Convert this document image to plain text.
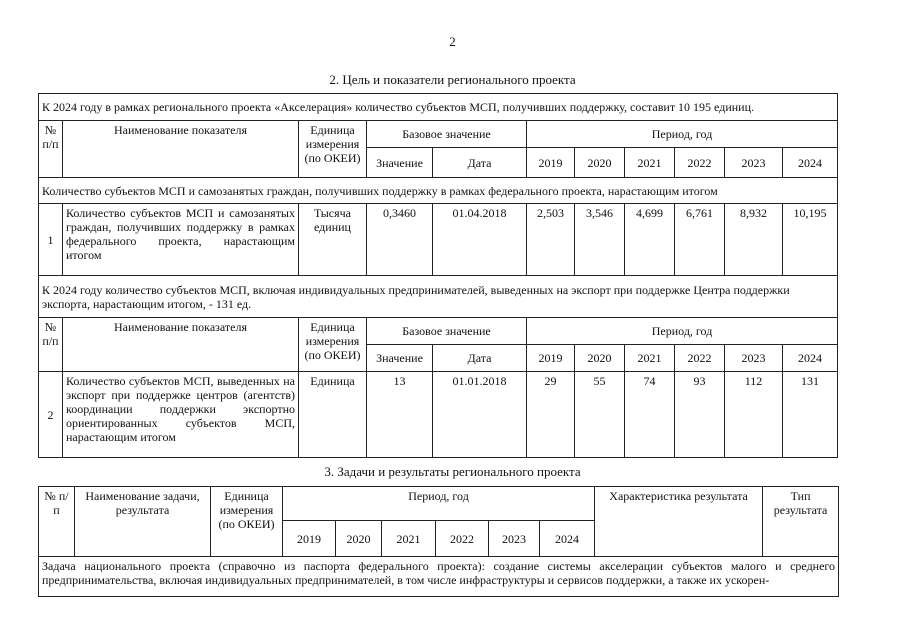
2
2. Цель и показатели регионального проекта
К 2024 году в рамках регионального проекта «Акселерация» количество субъектов МСП, получивших поддержку, составит 10 195 единиц.										
№ п/п	Наименование показателя	Единица измерения (по ОКЕИ)	Базовое значение		Период, год					
			Значение	Дата	2019	2020	2021	2022	2023	2024
Количество субъектов МСП и самозанятых граждан, получивших поддержку в рамках федерального проекта, нарастающим итогом										
1	Количество субъектов МСП и самозанятых граждан, получивших поддержку в рамках федерального проекта, нарастающим итогом	Тысяча единиц	0,3460	01.04.2018	2,503	3,546	4,699	6,761	8,932	10,195
К 2024 году количество субъектов МСП, включая индивидуальных предпринимателей, выведенных на экспорт при поддержке Центра поддержки экспорта, нарастающим итогом, - 131 ед.										
№ п/п	Наименование показателя	Единица измерения (по ОКЕИ)	Базовое значение		Период, год					
			Значение	Дата	2019	2020	2021	2022	2023	2024
2	Количество субъектов МСП, выведенных на экспорт при поддержке центров (агентств) координации поддержки экспортно ориентированных субъектов МСП, нарастающим итогом	Единица	13	01.01.2018	29	55	74	93	112	131
3. Задачи и результаты регионального проекта
№ п/п	Наименование задачи, результата	Единица измерения (по ОКЕИ)	Период, год						Характеристика результата	Тип результата
			2019	2020	2021	2022	2023	2024		
Задача национального проекта (справочно из паспорта федерального проекта): создание системы акселерации субъектов малого и среднего предпринимательства, включая индивидуальных предпринимателей, в том числе инфраструктуры и сервисов поддержки, а также их ускорен-										
